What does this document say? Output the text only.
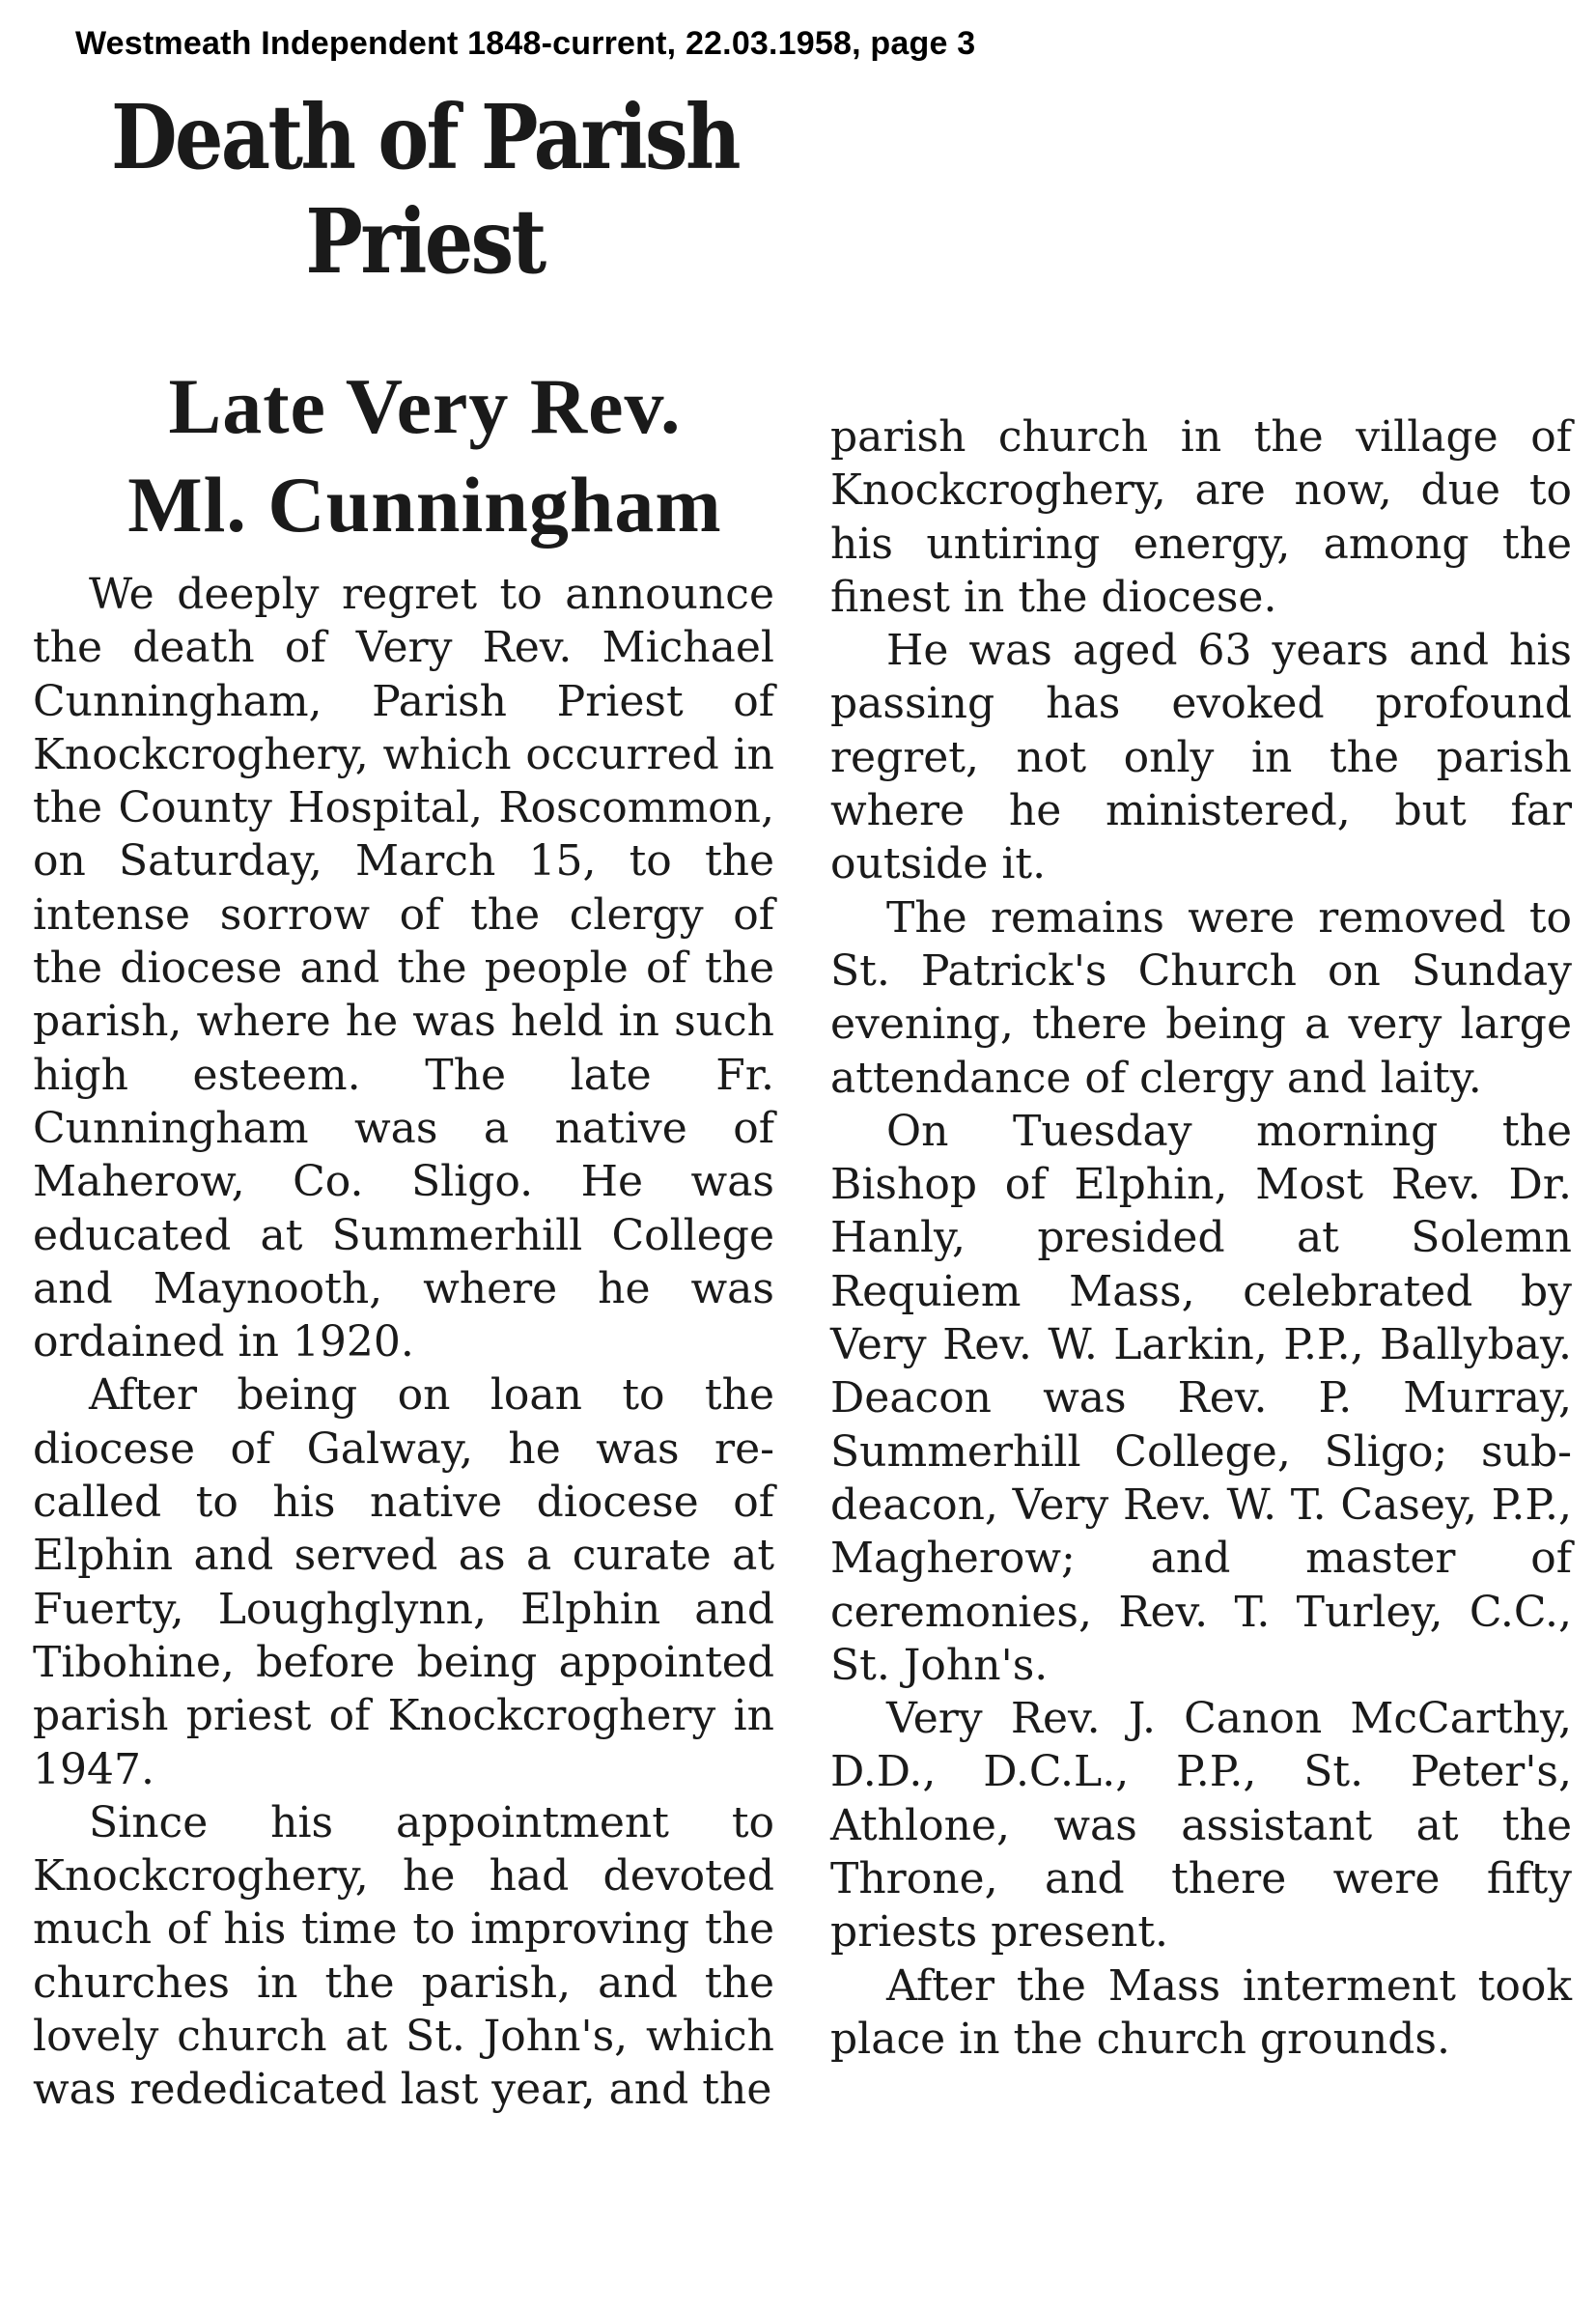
Westmeath Independent 1848-current, 22.03.1958, page 3
Death of Parish
Priest
Late Very Rev.
Ml. Cunningham

We deeply regret to announce the death of Very Rev. Michael Cunningham, Parish Priest of Knockcroghery, which occurred in the County Hospital, Roscommon, on Saturday, March 15, to the intense sorrow of the clergy of the diocese and the people of the parish, where he was held in such high esteem. The late Fr. Cunningham was a native of Maherow, Co. Sligo. He was educated at Summerhill College and Maynooth, where he was ordained in 1920.

After being on loan to the diocese of Galway, he was recalled to his native diocese of Elphin and served as a curate at Fuerty, Loughglynn, Elphin and Tibohine, before being appointed parish priest of Knockcroghery in 1947.

Since his appointment to Knockcroghery, he had devoted much of his time to improving the churches in the parish, and the lovely church at St. John's, which was rededicated last year, and the

parish church in the village of Knockcroghery, are now, due to his untiring energy, among the finest in the diocese.

He was aged 63 years and his passing has evoked profound regret, not only in the parish where he ministered, but far outside it.

The remains were removed to St. Patrick's Church on Sunday evening, there being a very large attendance of clergy and laity.

On Tuesday morning the Bishop of Elphin, Most Rev. Dr. Hanly, presided at Solemn Requiem Mass, celebrated by Very Rev. W. Larkin, P.P., Ballybay. Deacon was Rev. P. Murray, Summerhill College, Sligo; sub-deacon, Very Rev. W. T. Casey, P.P., Magherow; and master of ceremonies, Rev. T. Turley, C.C., St. John's.

Very Rev. J. Canon McCarthy, D.D., D.C.L., P.P., St. Peter's, Athlone, was assistant at the Throne, and there were fifty priests present.

After the Mass interment took place in the church grounds.
